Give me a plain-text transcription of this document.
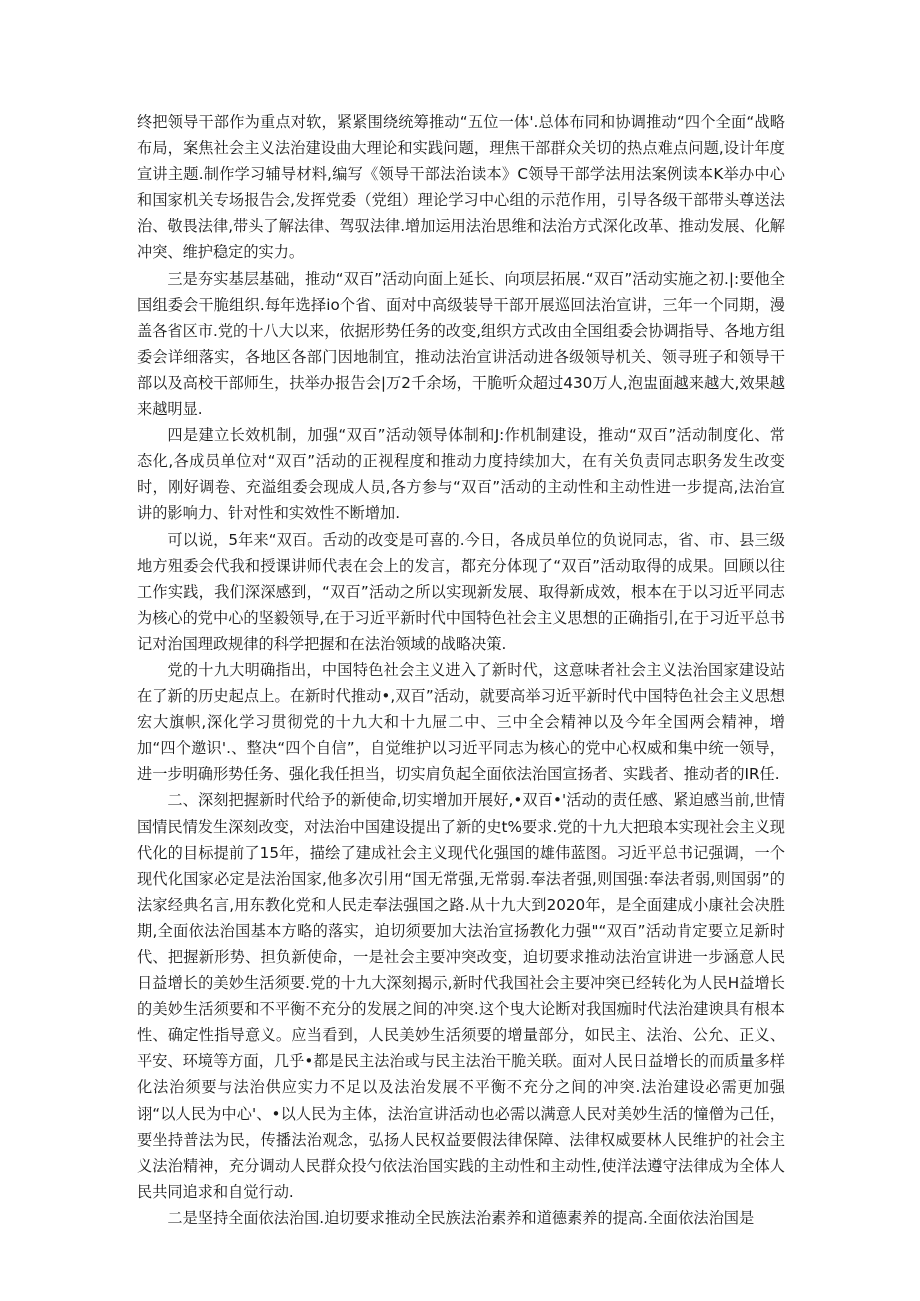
终把领导干部作为重点对软，紧紧围绕统筹推动“五位一体'.总体布同和协调推动“四个全面“战略布局，案焦社会主义法治建设曲大理论和实践问题，理焦干部群众关切的热点难点问题,设计年度宣讲主题.制作学习辅导材料,编写《领导干部法治读本》C领导干部学法用法案例读本K举办中心和国家机关专场报告会,发挥党委（党组）理论学习中心组的示范作用，引导各级干部带头尊送法治、敬畏法律,带头了解法律、驾驭法律.增加运用法治思维和法治方式深化改革、推动发展、化解冲突、维护稳定的实力。

三是夯实基层基础，推动“双百”活动向面上延长、向项层拓展.“双百”活动实施之初.|:要他全国组委会干脆组织.每年选择io个省、面对中高级装导干部开展巡回法治宣讲，三年一个同期，漫盖各省区市.党的十八大以来，依据形势任务的改变,组织方式改由全国组委会协调指导、各地方组委会详细落实，各地区各部门因地制宜，推动法治宣讲活动进各级领导机关、领寻班子和领导干部以及高校干部师生，扶举办报告会|万2千余场，干脆听众超过430万人,泡盅面越来越大,效果越来越明显.

四是建立长效机制，加强“双百”活动领导体制和J:作机制建设，推动“双百”活动制度化、常态化,各成员单位对“双百”活动的正视程度和推动力度持续加大，在有关负责同志职务发生改变时，刚好调卷、充溢组委会现成人员,各方参与“双百”活动的主动性和主动性进一步提高,法治宣讲的影响力、针对性和实效性不断增加.

可以说，5年来“双百。舌动的改变是可喜的.今日，各成员单位的负说同志，省、市、县三级地方殂委会代我和授课讲师代表在会上的发言，都充分体现了“双百”活动取得的成果。回顾以往工作实践，我们深深感到，“双百”活动之所以实现新发展、取得新成效，根本在于以习近平同志为核心的党中心的坚毅领导,在于习近平新时代中国特色社会主义思想的正确指引,在于习近平总书记对治国理政规律的科学把握和在法治领域的战略决策.

党的十九大明确指出，中国特色社会主义进入了新时代，这意味者社会主义法治国家建设站在了新的历史起点上。在新时代推动•,双百”活动，就要高举习近平新时代中国特色社会主义思想宏大旗帜,深化学习贯彻党的十九大和十九屉二中、三中全会精神以及今年全国两会精神，增加“四个邀识'.、整决“四个自信”，自觉维护以习近平同志为核心的党中心权威和集中统一领导，进一步明确形势任务、强化我任担当，切实肩负起全面依法治国宣扬者、实践者、推动者的IR任.

二、深刻把握新时代给予的新使命,切实增加开展好,•双百•'活动的责任感、紧迫感当前,世情国情民情发生深刻改变，对法治中国建设提出了新的史t%要求.党的十九大把琅本实现社会主义现代化的目标提前了15年，描绘了建成社会主义现代化强国的雄伟蓝图。习近平总书记强调，一个现代化国家必定是法治国家,他多次引用“国无常强,无常弱.奉法者强,则国强:奉法者弱,则国弱”的法家经典名言,用东教化党和人民走奉法强国之路.从十九大到2020年，是全面建成小康社会决胜期,全面依法治国基本方略的落实，迫切须要加大法治宣扬教化力强"“双百”活动肯定要立足新时代、把握新形势、担负新使命，一是社会主要冲突改变，迫切要求推动法治宣讲进一步涵意人民日益增长的美妙生活须要.党的十九大深刻揭示,新时代我国社会主要冲突已经转化为人民H益增长的美妙生活须要和不平衡不充分的发展之间的冲突.这个曳大论断对我国痂时代法治建谀具有根本性、确定性指导意义。应当看到，人民美妙生活须要的增量部分，如民主、法治、公允、正义、平安、环境等方面，几乎•都是民主法治或与民主法治干脆关联。面对人民日益增长的而质量多样化法治须要与法治供应实力不足以及法治发展不平衡不充分之间的冲突.法治建设必需更加强诩“以人民为中心'、•以人民为主体，法治宣讲活动也必需以满意人民对美妙生活的憧僧为己任，要坐持普法为民，传播法治观念，弘扬人民权益要假法律保障、法律权威要林人民维护的社会主义法治精神，充分调动人民群众投勺依法治国实践的主动性和主动性,使洋法遵守法律成为全体人民共同追求和自觉行动.

二是坚持全面依法治国.迫切要求推动全民族法治素养和道德素养的提高.全面依法治国是
